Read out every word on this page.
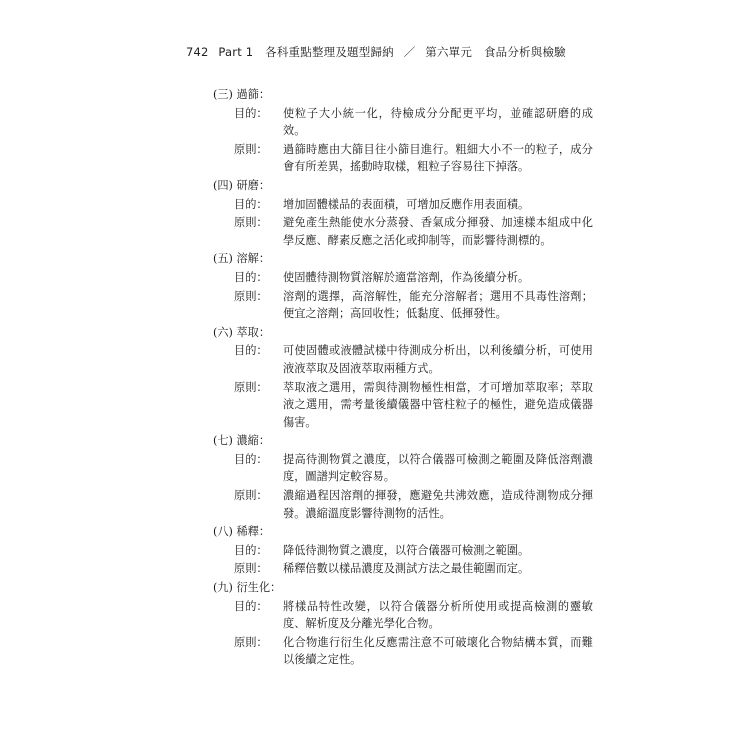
742 Part 1 各科重點整理及題型歸納 ／ 第六單元 食品分析與檢驗
(三) 過篩：
目的：	使粒子大小統一化，待檢成分分配更平均，並確認研磨的成效。
原則：	過篩時應由大篩目往小篩目進行。粗細大小不一的粒子，成分會有所差異，搖動時取樣，粗粒子容易往下掉落。
(四) 研磨：
目的：	增加固體樣品的表面積，可增加反應作用表面積。
原則：	避免產生熱能使水分蒸發、香氣成分揮發、加速樣本組成中化學反應、酵素反應之活化或抑制等，而影響待測標的。
(五) 溶解：
目的：	使固體待測物質溶解於適當溶劑，作為後續分析。
原則：	溶劑的選擇，高溶解性，能充分溶解者；選用不具毒性溶劑；便宜之溶劑；高回收性；低黏度、低揮發性。
(六) 萃取：
目的：	可使固體或液體試樣中待測成分析出，以利後續分析，可使用液液萃取及固液萃取兩種方式。
原則：	萃取液之選用，需與待測物極性相當，才可增加萃取率；萃取液之選用，需考量後續儀器中管柱粒子的極性，避免造成儀器傷害。
(七) 濃縮：
目的：	提高待測物質之濃度，以符合儀器可檢測之範圍及降低溶劑濃度，圖譜判定較容易。
原則：	濃縮過程因溶劑的揮發，應避免共沸效應，造成待測物成分揮發。濃縮溫度影響待測物的活性。
(八) 稀釋：
目的：	降低待測物質之濃度，以符合儀器可檢測之範圍。
原則：	稀釋倍數以樣品濃度及測試方法之最佳範圍而定。
(九) 衍生化：
目的：	將樣品特性改變，以符合儀器分析所使用或提高檢測的靈敏度、解析度及分離光學化合物。
原則：	化合物進行衍生化反應需注意不可破壞化合物結構本質，而難以後續之定性。
